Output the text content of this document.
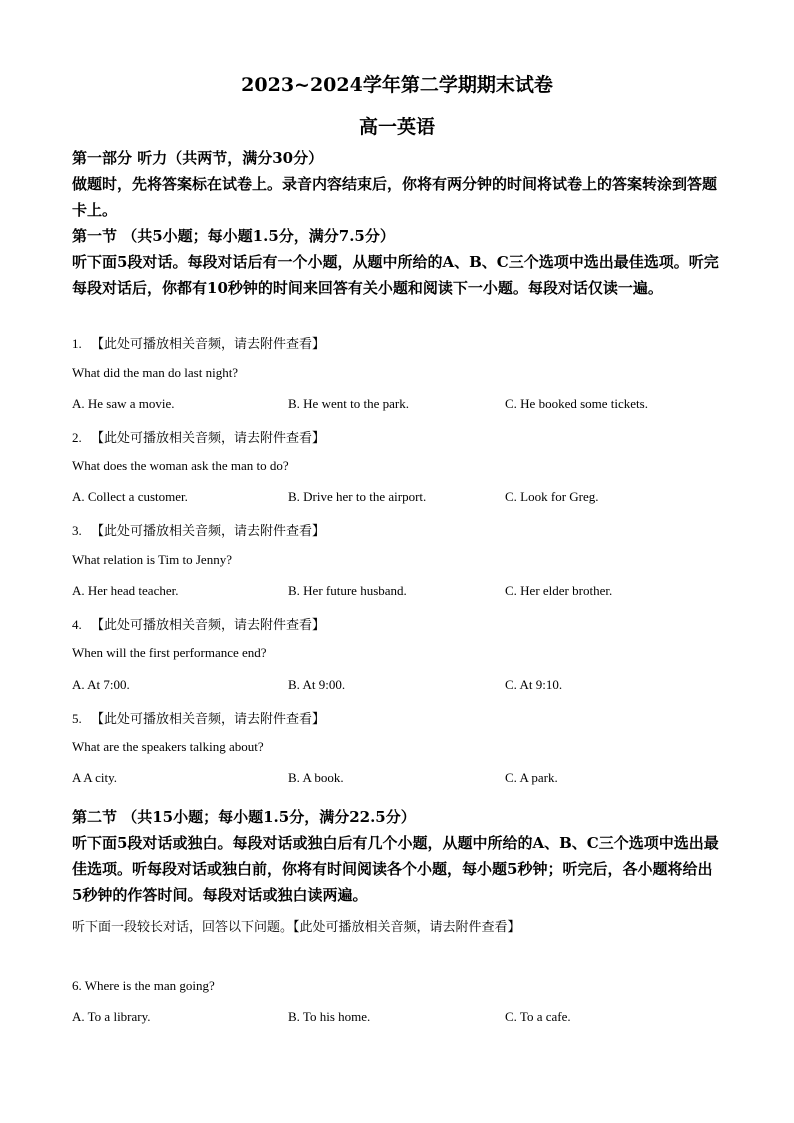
2023~2024学年第二学期期末试卷
高一英语
第一部分 听力（共两节，满分30分）
做题时，先将答案标在试卷上。录音内容结束后，你将有两分钟的时间将试卷上的答案转涂到答题卡上。
第一节 （共5小题；每小题1.5分，满分7.5分）
听下面5段对话。每段对话后有一个小题，从题中所给的A、B、C三个选项中选出最佳选项。听完每段对话后，你都有10秒钟的时间来回答有关小题和阅读下一小题。每段对话仅读一遍。
1. 【此处可播放相关音频，请去附件查看】
What did the man do last night?
A. He saw a movie.	B. He went to the park.	C. He booked some tickets.
2. 【此处可播放相关音频，请去附件查看】
What does the woman ask the man to do?
A. Collect a customer.	B. Drive her to the airport.	C. Look for Greg.
3. 【此处可播放相关音频，请去附件查看】
What relation is Tim to Jenny?
A. Her head teacher.	B. Her future husband.	C. Her elder brother.
4. 【此处可播放相关音频，请去附件查看】
When will the first performance end?
A. At 7:00.	B. At 9:00.	C. At 9:10.
5. 【此处可播放相关音频，请去附件查看】
What are the speakers talking about?
A A city.	B. A book.	C. A park.
第二节 （共15小题；每小题1.5分，满分22.5分）
听下面5段对话或独白。每段对话或独白后有几个小题，从题中所给的A、B、C三个选项中选出最佳选项。听每段对话或独白前，你将有时间阅读各个小题，每小题5秒钟；听完后，各小题将给出5秒钟的作答时间。每段对话或独白读两遍。
听下面一段较长对话，回答以下问题。【此处可播放相关音频，请去附件查看】
6. Where is the man going?
A. To a library.	B. To his home.	C. To a cafe.
